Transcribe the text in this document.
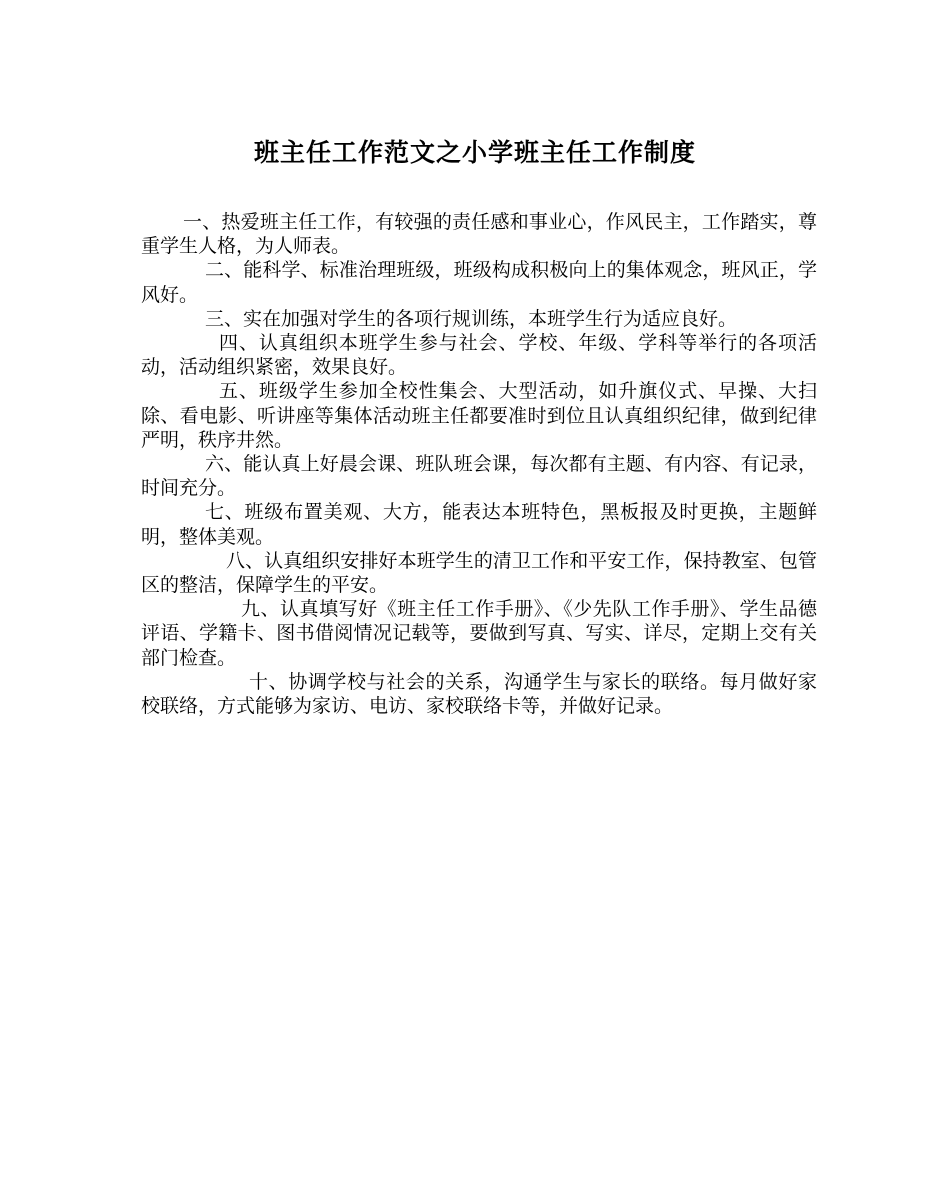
班主任工作范文之小学班主任工作制度

一、热爱班主任工作，有较强的责任感和事业心，作风民主，工作踏实，尊重学生人格，为人师表。

二、能科学、标准治理班级，班级构成积极向上的集体观念，班风正，学风好。

三、实在加强对学生的各项行规训练，本班学生行为适应良好。

四、认真组织本班学生参与社会、学校、年级、学科等举行的各项活动，活动组织紧密，效果良好。

五、班级学生参加全校性集会、大型活动，如升旗仪式、早操、大扫除、看电影、听讲座等集体活动班主任都要准时到位且认真组织纪律，做到纪律严明，秩序井然。

六、能认真上好晨会课、班队班会课，每次都有主题、有内容、有记录，时间充分。

七、班级布置美观、大方，能表达本班特色，黑板报及时更换，主题鲜明，整体美观。

八、认真组织安排好本班学生的清卫工作和平安工作，保持教室、包管区的整洁，保障学生的平安。

九、认真填写好《班主任工作手册》、《少先队工作手册》、学生品德评语、学籍卡、图书借阅情况记载等，要做到写真、写实、详尽，定期上交有关部门检查。

十、协调学校与社会的关系，沟通学生与家长的联络。每月做好家校联络，方式能够为家访、电访、家校联络卡等，并做好记录。
